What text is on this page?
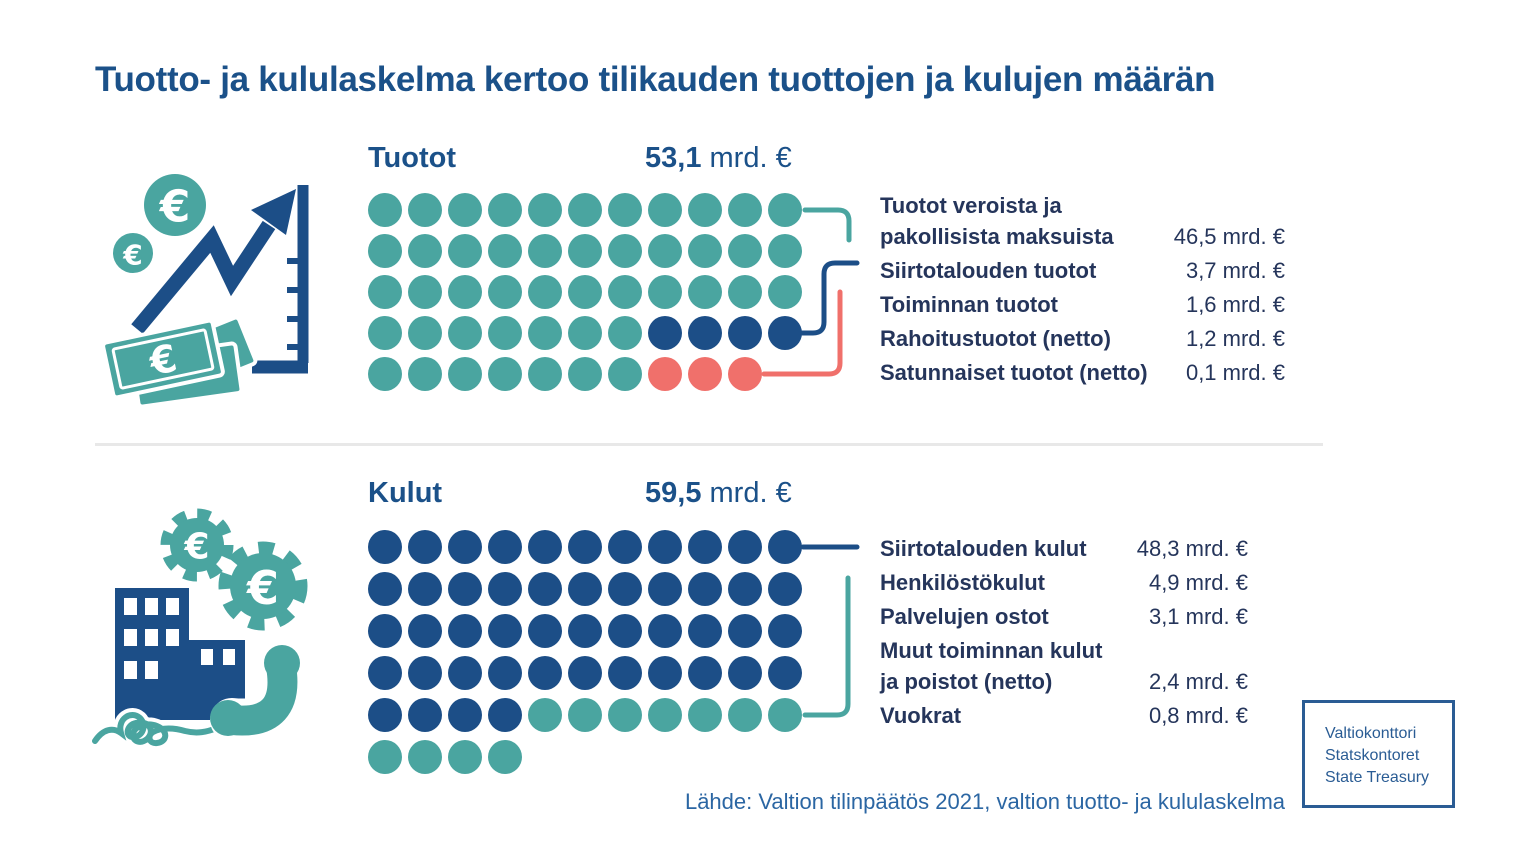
Tuotto- ja kululaskelma kertoo tilikauden tuottojen ja kulujen määrän
€
€
€
Tuotot	53,1 mrd. €
Tuotot veroista ja pakollisista maksuista	46,5 mrd. €
Siirtotalouden tuotot	3,7 mrd. €
Toiminnan tuotot	1,6 mrd. €
Rahoitustuotot (netto)	1,2 mrd. €
Satunnaiset tuotot (netto) 0,1 mrd. €
€
€
Kulut	59,5 mrd. €
Siirtotalouden kulut 48,3 mrd. €
Henkilöstökulut	4,9 mrd. €
Palvelujen ostot	3,1 mrd. €
Muut toiminnan kulut ja poistot (netto)	2,4 mrd. €
Vuokrat	0,8 mrd. €
Lähde: Valtion tilinpäätös 2021, valtion tuotto- ja kululaskelma
Valtiokonttori
Statskontoret
State Treasury
